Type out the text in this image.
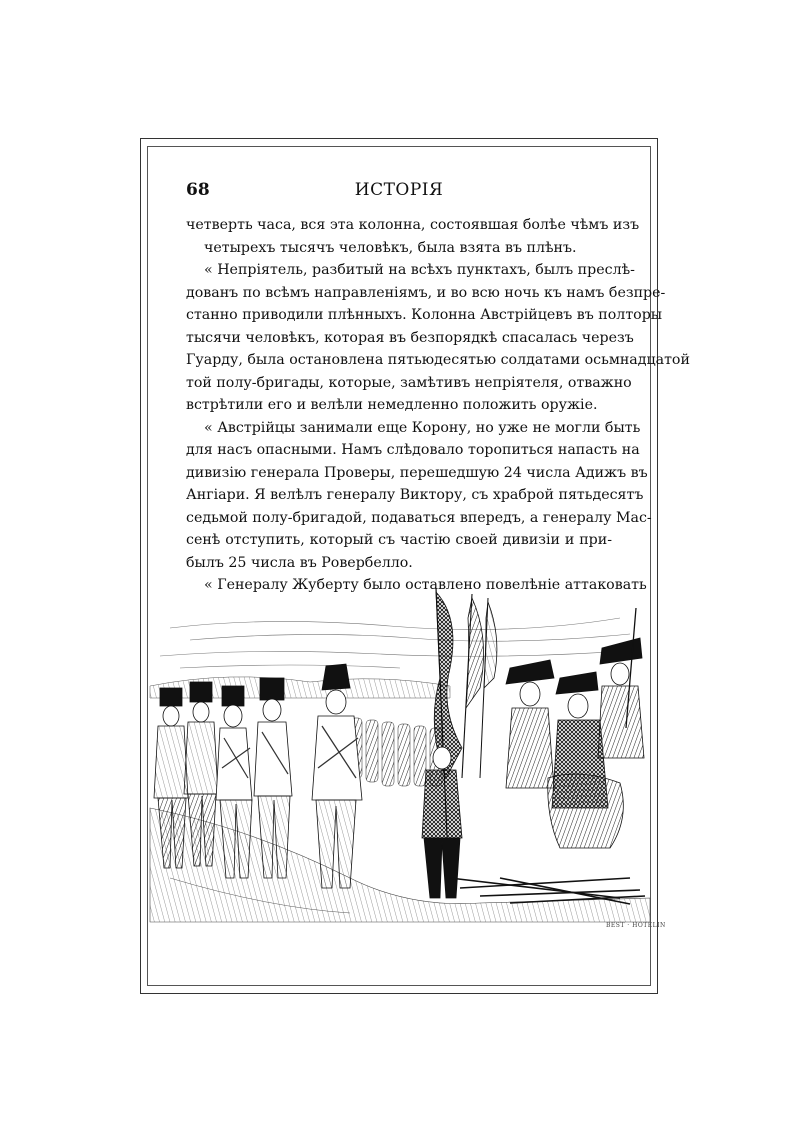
68	ИСТОРІЯ
четверть часа, вся эта колонна, состоявшая болѣе чѣмъ изъ
четырехъ тысячъ человѣкъ, была взята въ плѣнъ.
« Непріятель, разбитый на всѣхъ пунктахъ, былъ преслѣ-
дованъ по всѣмъ направленіямъ, и во всю ночь къ намъ безпре-
станно приводили плѣнныхъ. Колонна Австрійцевъ въ полторы
тысячи человѣкъ, которая въ безпорядкѣ спасалась черезъ
Гуарду, была остановлена пятьюдесятью солдатами осьмнадцатой
той полу-бригады, которые, замѣтивъ непріятеля, отважно
встрѣтили его и велѣли немедленно положить оружіе.
« Австрійцы занимали еще Корону, но уже не могли быть
для насъ опасными. Намъ слѣдовало торопиться напасть на
дивизію генерала Проверы, перешедшую 24 числа Адижъ въ
Ангіари. Я велѣлъ генералу Виктору, съ храброй пятьдесятъ
седьмой полу-бригадой, подаваться впередъ, а генералу Мас-
сенѣ отступить, который съ частію своей дивизіи и при-
былъ 25 числа въ Ровербелло.
« Генералу Жуберту было оставлено повелѣніе аттаковать
BEST · HOTELIN
